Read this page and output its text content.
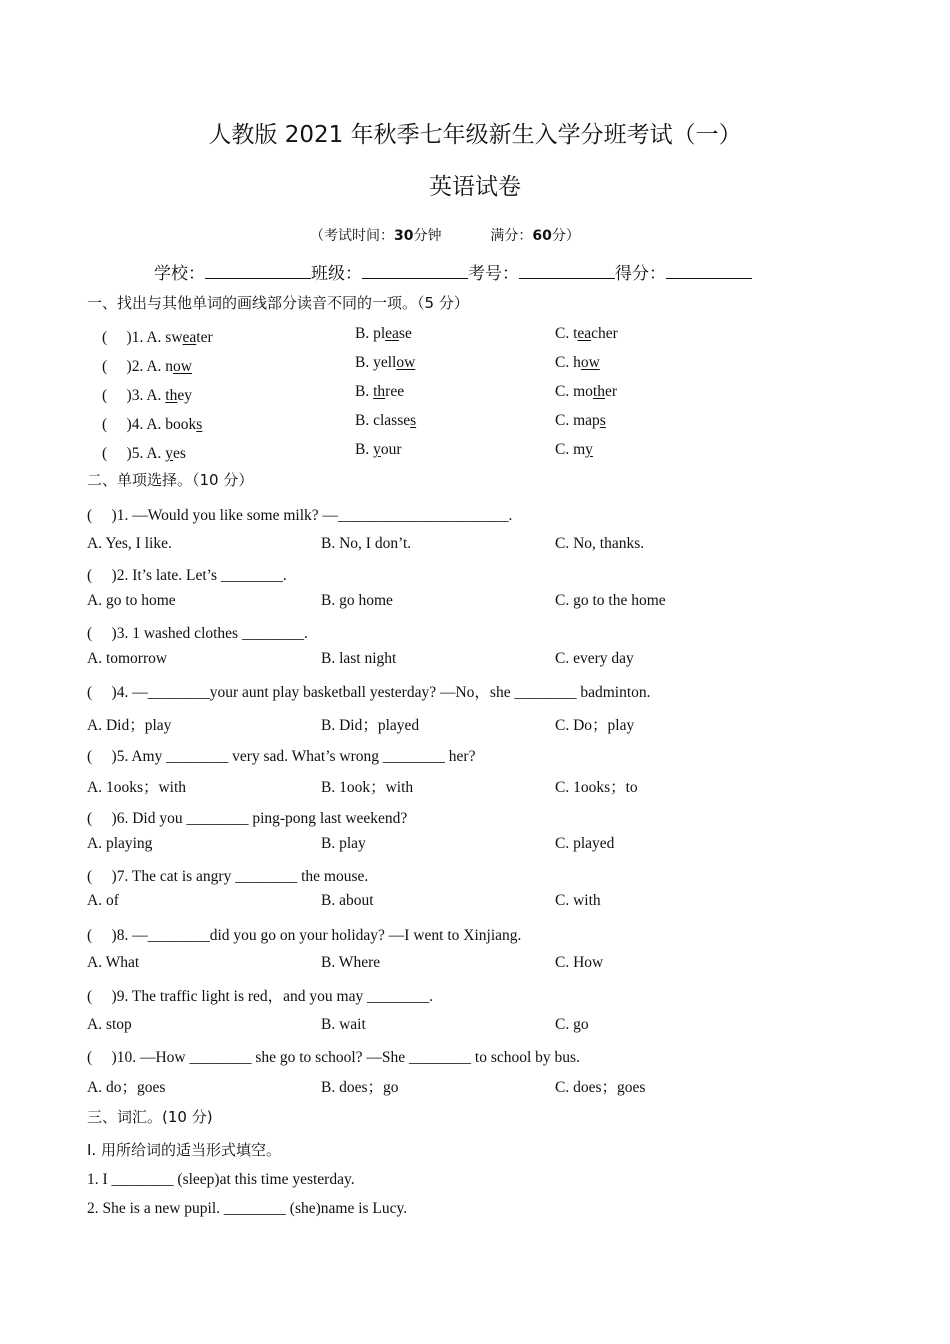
人教版 2021 年秋季七年级新生入学分班考试（一）
英语试卷
（考试时间：30分钟	满分：60分）
学校：	班级：	考号：	得分：
一、找出与其他单词的画线部分读音不同的一项。（5 分）
(　 )1. A. sweater	B. please	C. teacher
(　 )2. A. now	B. yellow	C. how
(　 )3. A. they	B. three	C. mother
(　 )4. A. books	B. classes	C. maps
(　 )5. A. yes	B. your	C. my
二、单项选择。（10 分）
(　 )1. —Would you like some milk? —______________________.
A. Yes, I like.	B. No, I don’t.	C. No, thanks.
(　 )2. It’s late. Let’s ________.
A. go to home	B. go home	C. go to the home
(　 )3. 1 washed clothes ________.
A. tomorrow	B. last night	C. every day
(　 )4. —________your aunt play basketball yesterday? —No，she ________ badminton.
A. Did；play	B. Did；played	C. Do；play
(　 )5. Amy ________ very sad. What’s wrong ________ her?
A. 1ooks；with	B. 1ook；with	C. 1ooks；to
(　 )6. Did you ________ ping-pong last weekend?
A. playing	B. play	C. played
(　 )7. The cat is angry ________ the mouse.
A. of	B. about	C. with
(　 )8. —________did you go on your holiday? —I went to Xinjiang.
A. What	B. Where	C. How
(　 )9. The traffic light is red，and you may ________.
A. stop	B. wait	C. go
(　 )10. —How ________ she go to school? —She ________ to school by bus.
A. do；goes	B. does；go	C. does；goes
三、词汇。(10 分)
I. 用所给词的适当形式填空。
1. I ________ (sleep)at this time yesterday.
2. She is a new pupil. ________ (she)name is Lucy.
